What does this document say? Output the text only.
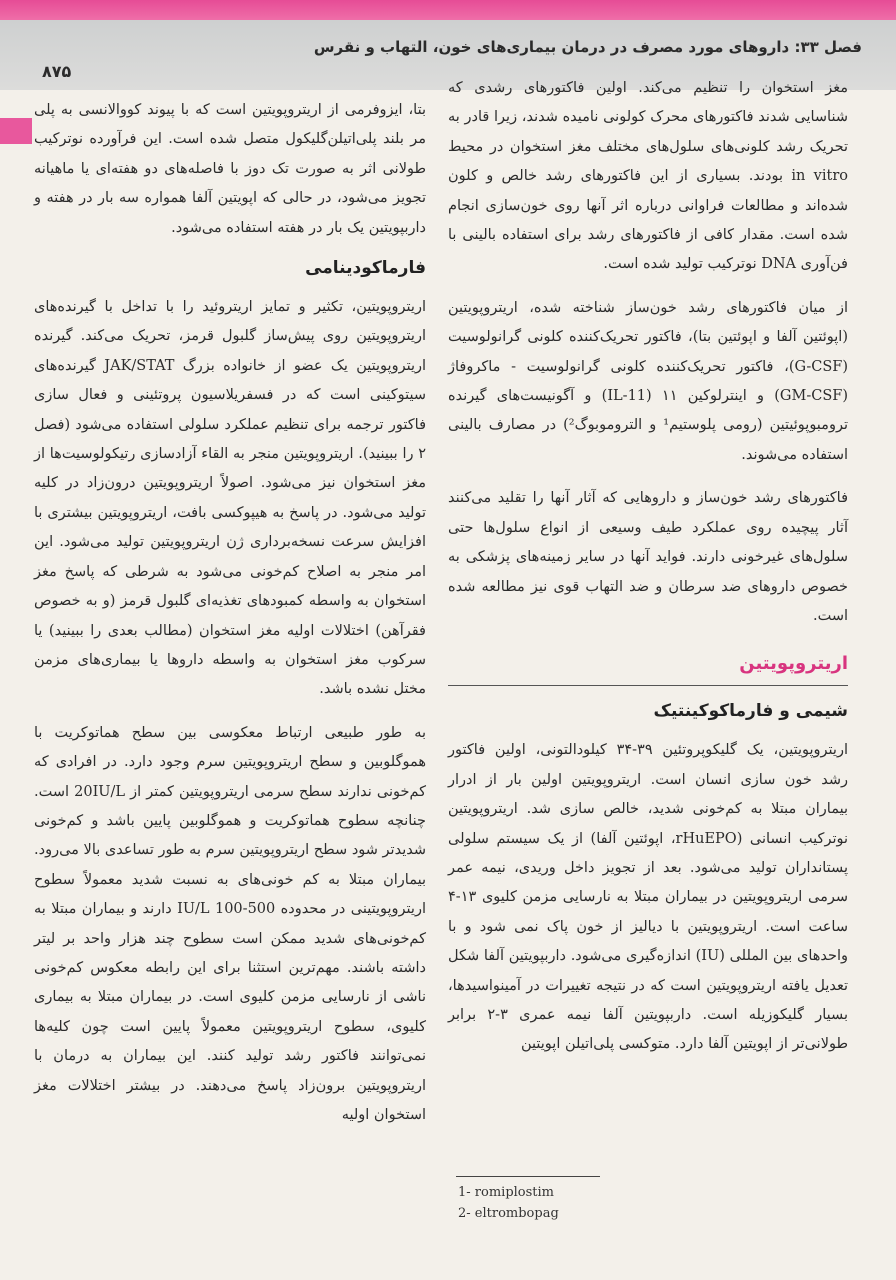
فصل ۳۳: داروهای مورد مصرف در درمان بیماری‌های خون، التهاب و نقرس
۸۷۵

مغز استخوان را تنظیم می‌کند. اولین فاکتورهای رشدی که شناسایی شدند فاکتورهای محرک کولونی نامیده شدند، زیرا قادر به تحریک رشد کلونی‌های سلول‌های مختلف مغز استخوان در محیط in vitro بودند. بسیاری از این فاکتورهای رشد خالص و کلون شده‌اند و مطالعات فراوانی درباره اثر آنها روی خون‌سازی انجام شده است. مقدار کافی از فاکتورهای رشد برای استفاده بالینی با فن‌آوری DNA نوترکیب تولید شده است.

از میان فاکتورهای رشد خون‌ساز شناخته شده، اریتروپویتین (اپوئتین آلفا و اپوئتین بتا)، فاکتور تحریک‌کننده کلونی گرانولوسیت (G-CSF)، فاکتور تحریک‌کننده کلونی گرانولوسیت - ماکروفاژ (GM-CSF) و اینترلوکین ۱۱ (IL-11) و آگونیست‌های گیرنده ترومبوپوئیتین (رومی پلوستیم¹ و التروموبوگ²) در مصارف بالینی استفاده می‌شوند.

فاکتورهای رشد خون‌ساز و داروهایی که آثار آنها را تقلید می‌کنند آثار پیچیده روی عملکرد طیف وسیعی از انواع سلول‌ها حتی سلول‌های غیرخونی دارند. فواید آنها در سایر زمینه‌های پزشکی به خصوص داروهای ضد سرطان و ضد التهاب قوی نیز مطالعه شده است.

اریتروپویتین
شیمی و فارماکوکینتیک

اریتروپویتین، یک گلیکوپروتئین ۳۹-۳۴ کیلودالتونی، اولین فاکتور رشد خون سازی انسان است. اریتروپویتین اولین بار از ادرار بیماران مبتلا به کم‌خونی شدید، خالص سازی شد. اریتروپویتین نوترکیب انسانی (rHuEPO، اپوئتین آلفا) از یک سیستم سلولی پستانداران تولید می‌شود. بعد از تجویز داخل وریدی، نیمه عمر سرمی اریتروپویتین در بیماران مبتلا به نارسایی مزمن کلیوی ۱۳-۴ ساعت است. اریتروپویتین با دیالیز از خون پاک نمی شود و با واحدهای بین المللی (IU) اندازه‌گیری می‌شود. داربپویتین آلفا شکل تعدیل یافته اریتروپویتین است که در نتیجه تغییرات در آمینواسیدها، بسیار گلیکوزیله است. داربپویتین آلفا نیمه عمری ۳-۲ برابر طولانی‌تر از اپویتین آلفا دارد. متوکسی پلی‌اتیلن اپویتین

بتا، ایزوفرمی از اریتروپویتین است که با پیوند کووالانسی به پلی مر بلند پلی‌اتیلن‌گلیکول متصل شده است. این فرآورده نوترکیب طولانی اثر به صورت تک دوز با فاصله‌های دو هفته‌ای یا ماهیانه تجویز می‌شود، در حالی که اپویتین آلفا همواره سه بار در هفته و داربپویتین یک بار در هفته استفاده می‌شود.

فارماکودینامی

اریتروپویتین، تکثیر و تمایز اریتروئید را با تداخل با گیرنده‌های اریتروپویتین روی پیش‌ساز گلبول قرمز، تحریک می‌کند. گیرنده اریتروپویتین یک عضو از خانواده بزرگ JAK/STAT گیرنده‌های سیتوکینی است که در فسفریلاسیون پروتئینی و فعال سازی فاکتور ترجمه برای تنظیم عملکرد سلولی استفاده می‌شود (فصل ۲ را ببینید). اریتروپویتین منجر به القاء آزادسازی رتیکولوسیت‌ها از مغز استخوان نیز می‌شود. اصولاً اریتروپویتین درون‌زاد در کلیه تولید می‌شود. در پاسخ به هیپوکسی بافت، اریتروپویتین بیشتری با افزایش سرعت نسخه‌برداری ژن اریتروپویتین تولید می‌شود. این امر منجر به اصلاح کم‌خونی می‌شود به شرطی که پاسخ مغز استخوان به واسطه کمبودهای تغذیه‌ای گلبول قرمز (و به خصوص فقرآهن) اختلالات اولیه مغز استخوان (مطالب بعدی را ببینید) یا سرکوب مغز استخوان به واسطه داروها یا بیماری‌های مزمن مختل نشده باشد.

به طور طبیعی ارتباط معکوسی بین سطح هماتوکریت با هموگلوبین و سطح اریتروپویتین سرم وجود دارد. در افرادی که کم‌خونی ندارند سطح سرمی اریتروپویتین کمتر از 20IU/L است. چنانچه سطوح هماتوکریت و هموگلوبین پایین باشد و کم‌خونی شدیدتر شود سطح اریتروپویتین سرم به طور تساعدی بالا می‌رود. بیماران مبتلا به کم خونی‌های به نسبت شدید معمولاً سطوح اریتروپویتینی در محدوده 500-100 IU/L دارند و بیماران مبتلا به کم‌خونی‌های شدید ممکن است سطوح چند هزار واحد بر لیتر داشته باشند. مهم‌ترین استثنا برای این رابطه معکوس کم‌خونی ناشی از نارسایی مزمن کلیوی است. در بیماران مبتلا به بیماری کلیوی، سطوح اریتروپویتین معمولاً پایین است چون کلیه‌ها نمی‌توانند فاکتور رشد تولید کنند. این بیماران به درمان با اریتروپویتین برون‌زاد پاسخ می‌دهند. در بیشتر اختلالات مغز استخوان اولیه

1- romiplostim
2- eltrombopag
